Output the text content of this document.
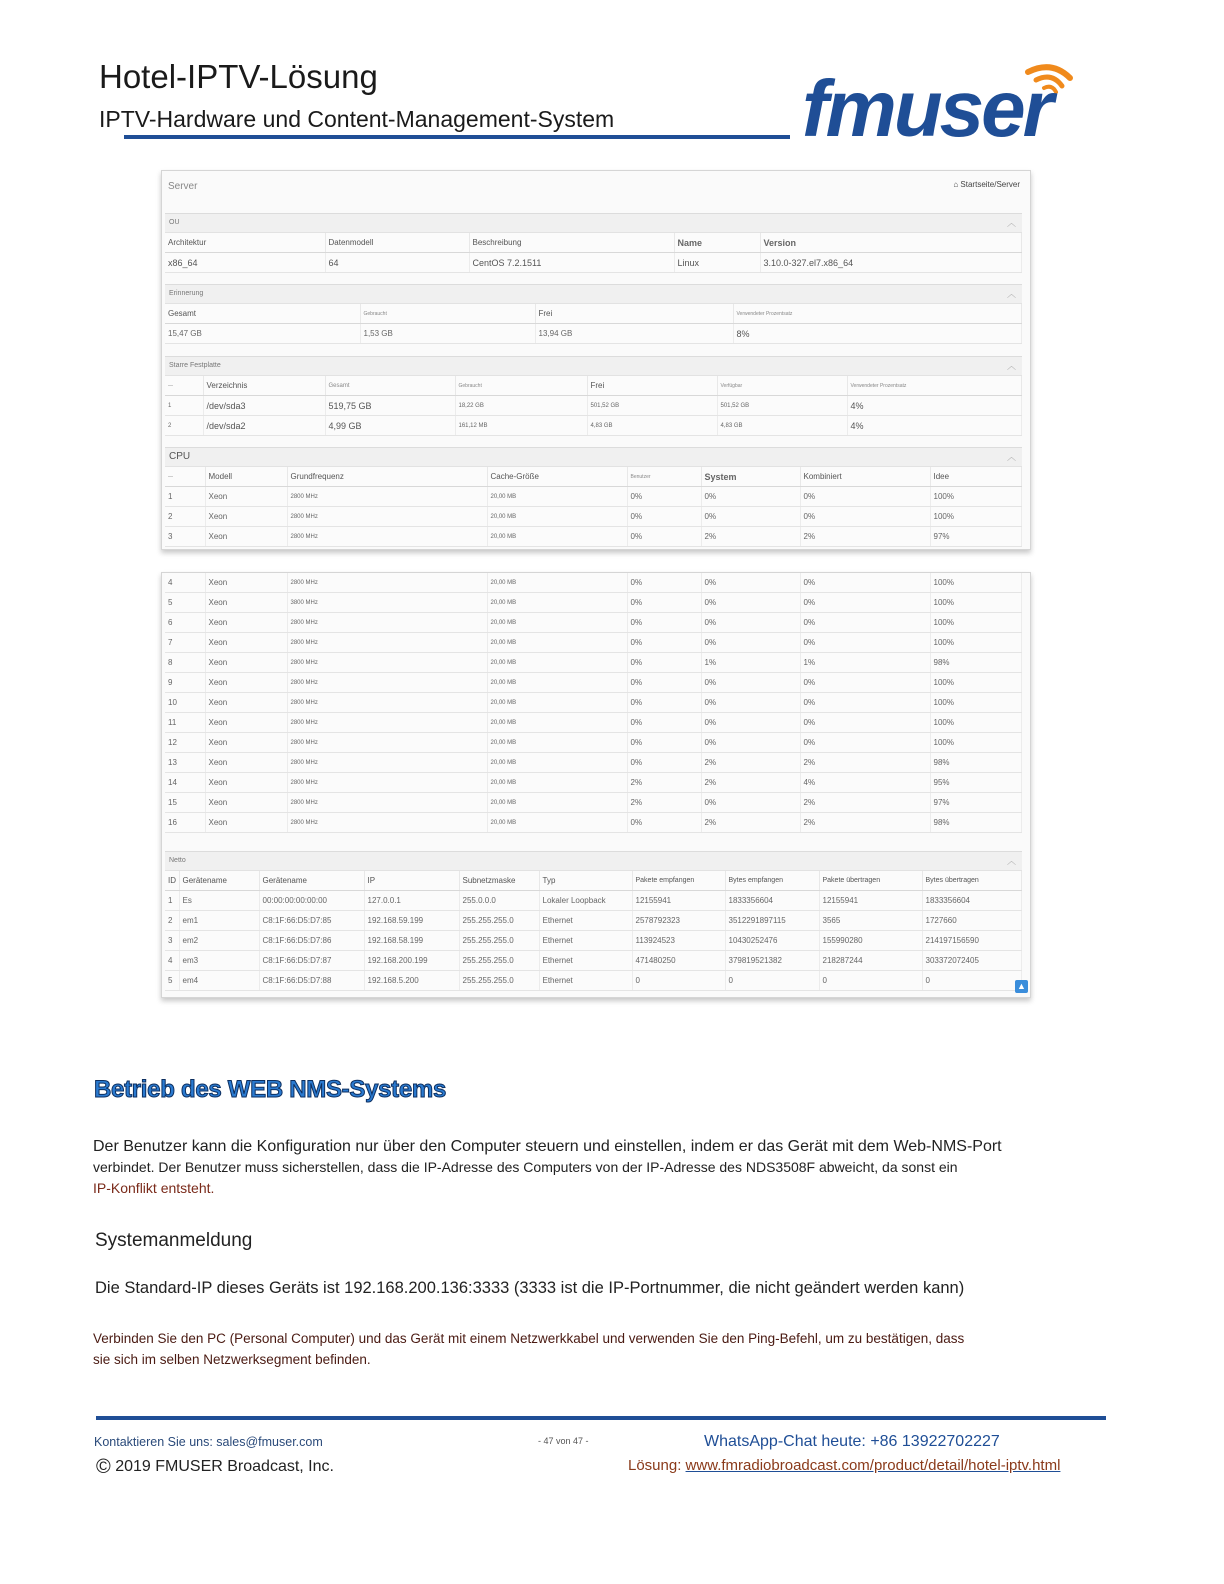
Hotel-IPTV-Lösung
IPTV-Hardware und Content-Management-System fmuser
Server	⌂ Startseite/Server
OU	︿
Architektur	Datenmodell	Beschreibung	Name	Version
x86_64	64	CentOS 7.2.1511	Linux	3.10.0-327.el7.x86_64
Erinnerung	︿
Gesamt	Gebraucht	Frei	Verwendeter Prozentsatz
15,47 GB	1,53 GB	13,94 GB	8%
Starre Festplatte	︿
—	Verzeichnis	Gesamt	Gebraucht	Frei	Verfügbar	Verwendeter Prozentsatz
1	/dev/sda3	519,75 GB	18,22 GB	501,52 GB	501,52 GB	4%
2	/dev/sda2	4,99 GB	161,12 MB	4,83 GB	4,83 GB	4%
CPU	︿
—	Modell	Grundfrequenz	Cache-Größe	Benutzer	System	Kombiniert	Idee
1	Xeon	2800 MHz	20,00 MB	0%	0%	0%	100%
2	Xeon	2800 MHz	20,00 MB	0%	0%	0%	100%
3	Xeon	2800 MHz	20,00 MB	0%	2%	2%	97%
4	Xeon	2800 MHz	20,00 MB	0%	0%	0%	100%
5	Xeon	3800 MHz	20,00 MB	0%	0%	0%	100%
6	Xeon	2800 MHz	20,00 MB	0%	0%	0%	100%
7	Xeon	2800 MHz	20,00 MB	0%	0%	0%	100%
8	Xeon	2800 MHz	20,00 MB	0%	1%	1%	98%
9	Xeon	2800 MHz	20,00 MB	0%	0%	0%	100%
10	Xeon	2800 MHz	20,00 MB	0%	0%	0%	100%
11	Xeon	2800 MHz	20,00 MB	0%	0%	0%	100%
12	Xeon	2800 MHz	20,00 MB	0%	0%	0%	100%
13	Xeon	2800 MHz	20,00 MB	0%	2%	2%	98%
14	Xeon	2800 MHz	20,00 MB	2%	2%	4%	95%
15	Xeon	2800 MHz	20,00 MB	2%	0%	2%	97%
16	Xeon	2800 MHz	20,00 MB	0%	2%	2%	98%
Netto	︿
ID	Gerätename	Gerätename	IP	Subnetzmaske	Typ	Pakete empfangen	Bytes empfangen	Pakete übertragen	Bytes übertragen
1	Es	00:00:00:00:00:00	127.0.0.1	255.0.0.0	Lokaler Loopback	12155941	1833356604	12155941	1833356604
2	em1	C8:1F:66:D5:D7:85	192.168.59.199	255.255.255.0	Ethernet	2578792323	3512291897115	3565	1727660
3	em2	C8:1F:66:D5:D7:86	192.168.58.199	255.255.255.0	Ethernet	113924523	10430252476	155990280	214197156590
4	em3	C8:1F:66:D5:D7:87	192.168.200.199	255.255.255.0	Ethernet	471480250	379819521382	218287244	303372072405
5	em4	C8:1F:66:D5:D7:88	192.168.5.200	255.255.255.0	Ethernet	0	0	0	0
▲
Betrieb des WEB NMS-Systems
Der Benutzer kann die Konfiguration nur über den Computer steuern und einstellen, indem er das Gerät mit dem Web-NMS-Port
verbindet. Der Benutzer muss sicherstellen, dass die IP-Adresse des Computers von der IP-Adresse des NDS3508F abweicht, da sonst ein
IP-Konflikt entsteht.
Systemanmeldung
Die Standard-IP dieses Geräts ist 192.168.200.136:3333 (3333 ist die IP-Portnummer, die nicht geändert werden kann)
Verbinden Sie den PC (Personal Computer) und das Gerät mit einem Netzwerkkabel und verwenden Sie den Ping-Befehl, um zu bestätigen, dass
sie sich im selben Netzwerksegment befinden.
Kontaktieren Sie uns: sales@fmuser.com	- 47 von 47 -	WhatsApp-Chat heute: +86 13922702227
© 2019 FMUSER Broadcast, Inc.	Lösung: www.fmradiobroadcast.com/product/detail/hotel-iptv.html
